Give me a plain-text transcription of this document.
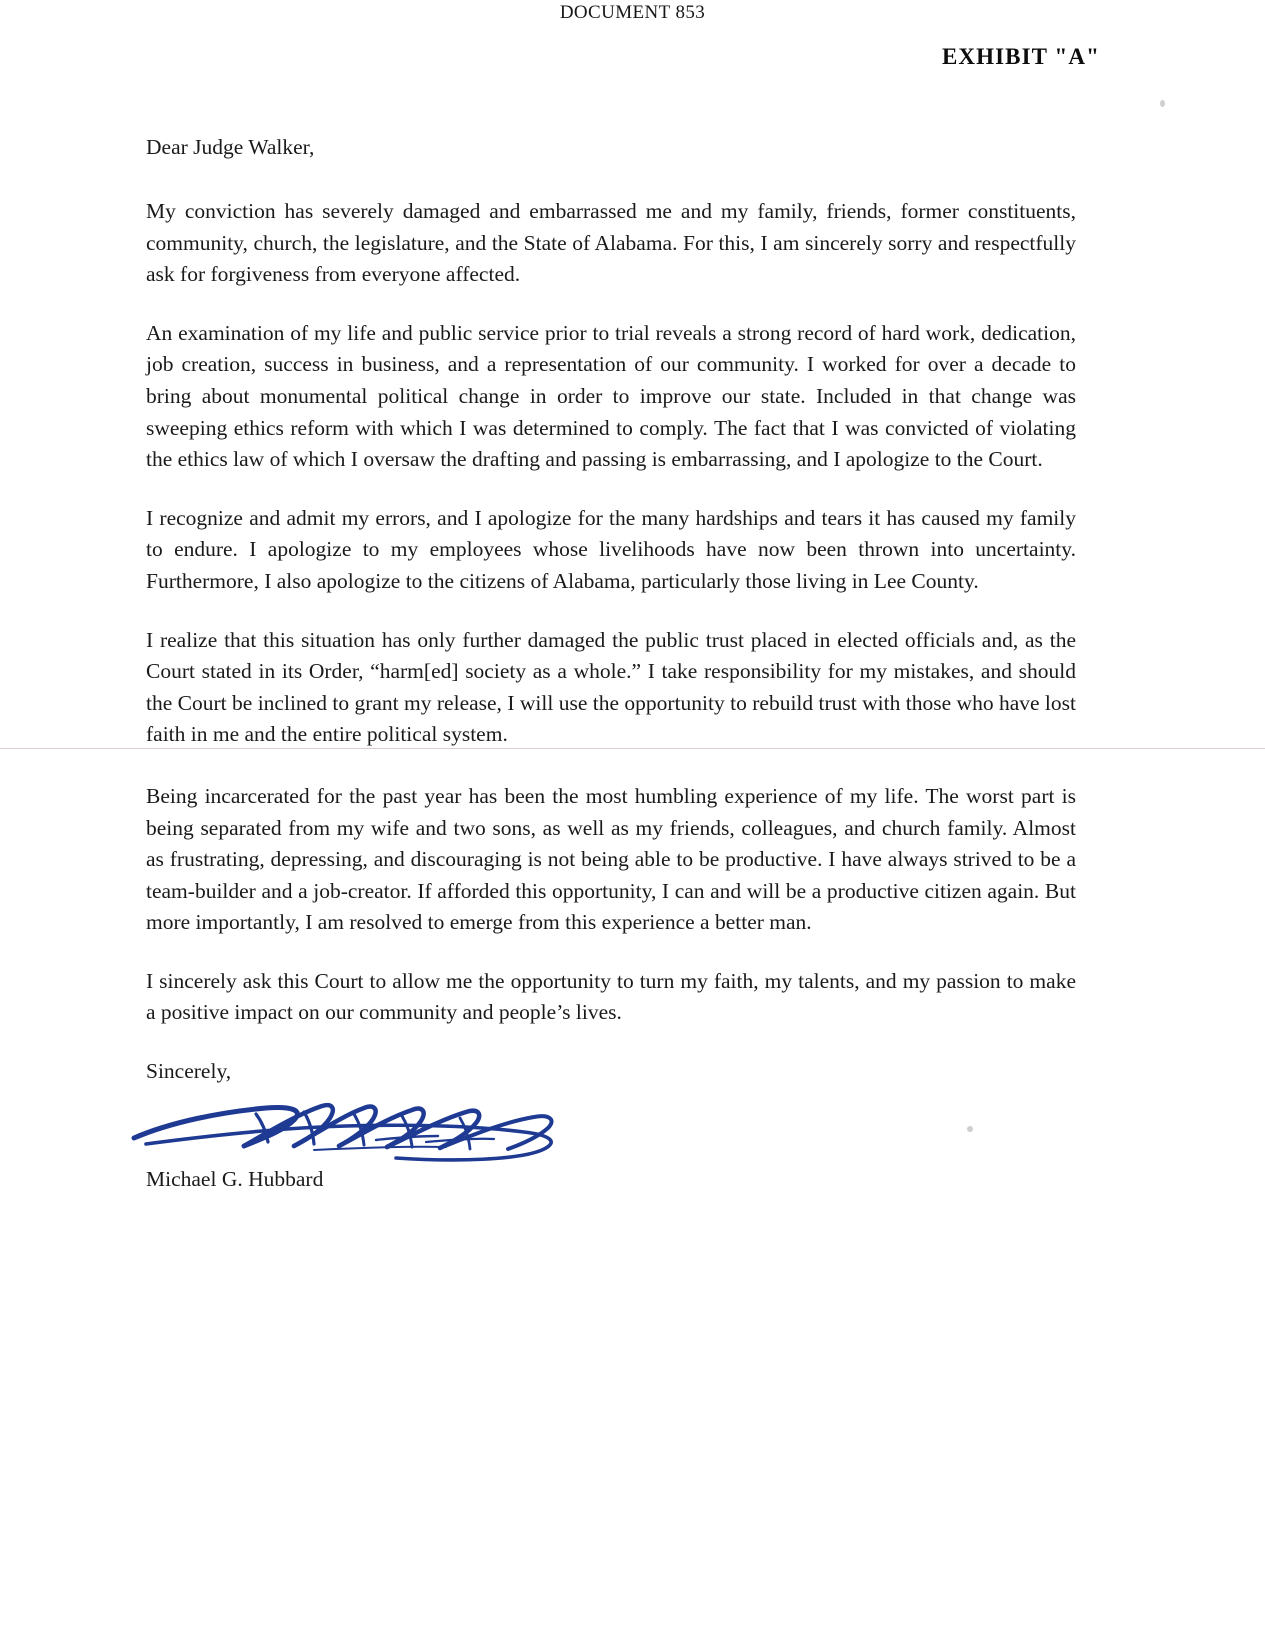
DOCUMENT 853
EXHIBIT "A"

Dear Judge Walker,

My conviction has severely damaged and embarrassed me and my family, friends, former constituents, community, church, the legislature, and the State of Alabama. For this, I am sincerely sorry and respectfully ask for forgiveness from everyone affected.

An examination of my life and public service prior to trial reveals a strong record of hard work, dedication, job creation, success in business, and a representation of our community. I worked for over a decade to bring about monumental political change in order to improve our state. Included in that change was sweeping ethics reform with which I was determined to comply. The fact that I was convicted of violating the ethics law of which I oversaw the drafting and passing is embarrassing, and I apologize to the Court.

I recognize and admit my errors, and I apologize for the many hardships and tears it has caused my family to endure. I apologize to my employees whose livelihoods have now been thrown into uncertainty. Furthermore, I also apologize to the citizens of Alabama, particularly those living in Lee County.

I realize that this situation has only further damaged the public trust placed in elected officials and, as the Court stated in its Order, “harm[ed] society as a whole.” I take responsibility for my mistakes, and should the Court be inclined to grant my release, I will use the opportunity to rebuild trust with those who have lost faith in me and the entire political system.

Being incarcerated for the past year has been the most humbling experience of my life. The worst part is being separated from my wife and two sons, as well as my friends, colleagues, and church family. Almost as frustrating, depressing, and discouraging is not being able to be productive. I have always strived to be a team-builder and a job-creator. If afforded this opportunity, I can and will be a productive citizen again. But more importantly, I am resolved to emerge from this experience a better man.

I sincerely ask this Court to allow me the opportunity to turn my faith, my talents, and my passion to make a positive impact on our community and people’s lives.

Sincerely,

Michael G. Hubbard
